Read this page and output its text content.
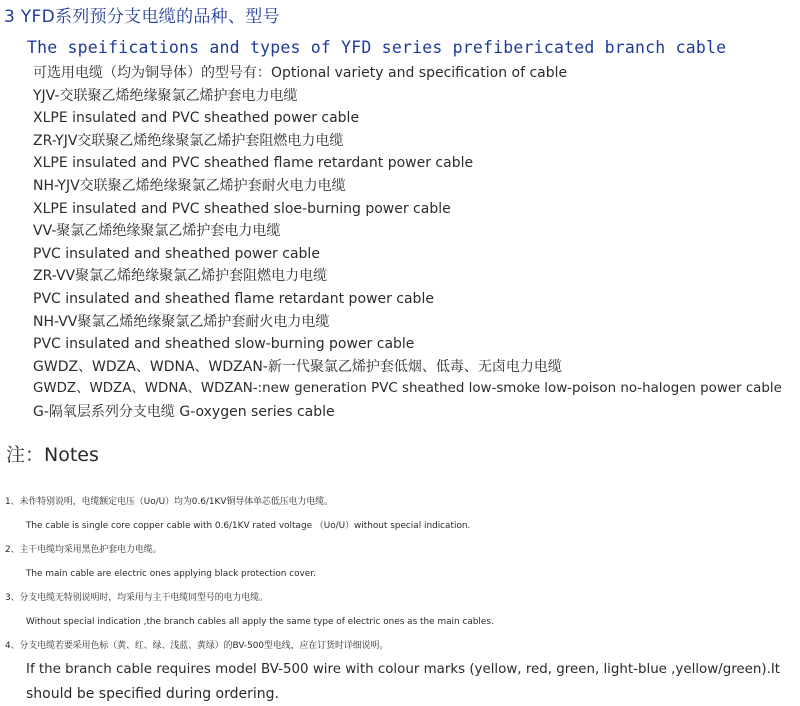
3 YFD系列预分支电缆的品种、型号
The speifications and types of YFD series prefibericated branch cable
可选用电缆（均为铜导体）的型号有：Optional variety and specification of cable
YJV-交联聚乙烯绝缘聚氯乙烯护套电力电缆
XLPE insulated and PVC sheathed power cable
ZR-YJV交联聚乙烯绝缘聚氯乙烯护套阻燃电力电缆
XLPE insulated and PVC sheathed flame retardant power cable
NH-YJV交联聚乙烯绝缘聚氯乙烯护套耐火电力电缆
XLPE insulated and PVC sheathed sloe-burning power cable
VV-聚氯乙烯绝缘聚氯乙烯护套电力电缆
PVC insulated and sheathed power cable
ZR-VV聚氯乙烯绝缘聚氯乙烯护套阻燃电力电缆
PVC insulated and sheathed flame retardant power cable
NH-VV聚氯乙烯绝缘聚氯乙烯护套耐火电力电缆
PVC insulated and sheathed slow-burning power cable
GWDZ、WDZA、WDNA、WDZAN-新一代聚氯乙烯护套低烟、低毒、无卤电力电缆
GWDZ、WDZA、WDNA、WDZAN-:new generation PVC sheathed low-smoke low-poison no-halogen power cable
G-隔氧层系列分支电缆 G-oxygen series cable
注：Notes
1、未作特别说明，电缆额定电压（Uo/U）均为0.6/1KV铜导体单芯低压电力电缆。
The cable is single core copper cable with 0.6/1KV rated voltage （Uo/U）without special indication.
2、主干电缆均采用黑色护套电力电缆。
The main cable are electric ones applying black protection cover.
3、分支电缆无特别说明时，均采用与主干电缆同型号的电力电缆。
Without special indication ,the branch cables all apply the same type of electric ones as the main cables.
4、分支电缆若要采用色标（黄、红、绿、浅蓝、黄绿）的BV-500型电线，应在订货时详细说明。
If the branch cable requires model BV-500 wire with colour marks (yellow, red, green, light-blue ,yellow/green).It
should be specified during ordering.
